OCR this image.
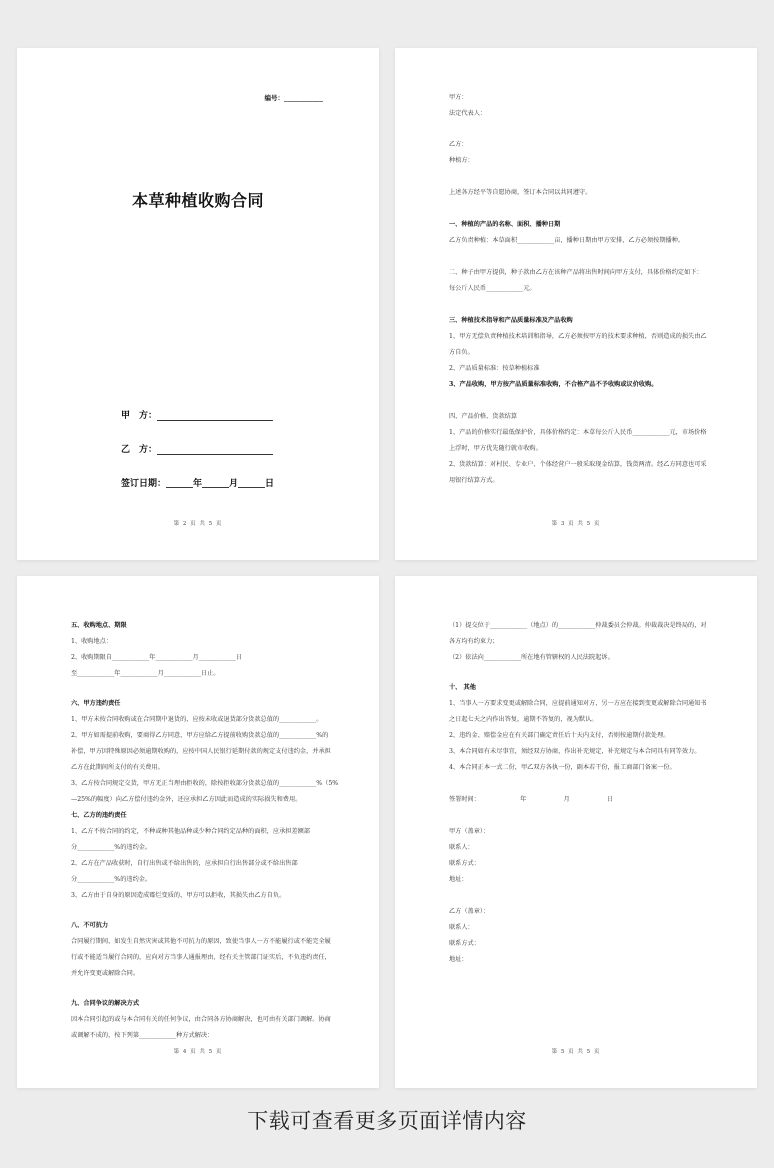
编号：____________
本草种植收购合同
甲　方：
乙　方：
签订日期：______年______月______日
第 2 页 共 5 页
甲方：
法定代表人：
乙方：
种植方：
上述各方经平等自愿协商，签订本合同以共同遵守。
一、种植的产品的名称、面积、播种日期
乙方负责种植：本草面积____________亩，播种日期由甲方安排，乙方必须按期播种。
二、种子由甲方提供，种子款由乙方在该种产品将出售时间向甲方支付，具体价格约定如下：
每公斤人民币____________元。
三、种植技术指导和产品质量标准及产品收购
1、甲方无偿负责种植技术培训和指导，乙方必须按甲方的技术要求种植，否则造成的损失由乙
方自负。
2、产品质量标准：按草种植标准
3、产品收购，甲方按产品质量标准收购，不合格产品不予收购或议价收购。
四、产品价格、货款结算
1、产品的价格实行最低保护价，具体价格约定：本草每公斤人民币____________元，市场价格
上浮时，甲方优先随行就市收购。
2、货款结算：对村民、专业户、个体经营户一般采取现金结算，钱货两清。经乙方同意也可采
用银行结算方式。
第 3 页 共 5 页
五、收购地点、期限
1、收购地点：
2、收购期限自____________年____________月____________日
至____________年____________月____________日止。
六、甲方违约责任
1、甲方未按合同收购或在合同期中退货的，应按未收或退货部分货款总值的____________。
2、甲方如需提前收购，要商得乙方同意，甲方应给乙方提前收购货款总值的____________%的
补偿，甲方因特殊原因必须逾期收购的，应按中国人民银行延期付款的规定支付违约金，并承担
乙方在此期间所支付的有关费用。
3、乙方按合同规定交货，甲方无正当理由拒收的，除按拒收部分货款总值的____________%（5%
—25%的幅度）向乙方偿付违约金外，还应承担乙方因此而造成的实际损失和费用。
七、乙方的违约责任
1、乙方不按合同的约定，不种或种其他品种或少种合同约定品种的面积，应承担差额部
分____________%的违约金。
2、乙方在产品收获时，自行出售或不给出售的，应承担自行出售部分或不给出售部
分____________%的违约金。
3、乙方由于自身的原因造成霉烂变质的，甲方可以拒收，其损失由乙方自负。
八、不可抗力
合同履行期间，如发生自然灾害或其他不可抗力的原因，致使当事人一方不能履行或不能完全履
行或不能适当履行合同的，应向对方当事人通报理由，经有关主管部门证实后，不负违约责任，
并允许变更或解除合同。
九、合同争议的解决方式
因本合同引起的或与本合同有关的任何争议，由合同各方协商解决，也可由有关部门调解。协商
或调解不成的，按下列第____________种方式解决：
第 4 页 共 5 页
（1）提交位于____________（地点）的____________仲裁委员会仲裁。仲裁裁决是终局的，对
各方均有约束力；
（2）依法向____________所在地有管辖权的人民法院起诉。
十、 其他
1、当事人一方要求变更或解除合同，应提前通知对方，另一方应在接到变更或解除合同通知书
之日起七天之内作出答复，逾期不答复的，视为默认。
2、违约金、赔偿金应在有关部门确定责任后十天内支付，否则按逾期付款处理。
3、本合同如有未尽事宜，须经双方协商，作出补充规定，补充规定与本合同具有同等效力。
4、本合同正本一式二份，甲乙双方各执一份，副本若干份，报工商部门备案一份。
签署时间：　　　　　　　年　　　　　　月　　　　　　日
甲方（盖章）：
联系人：
联系方式：
地址：
乙方（盖章）：
联系人：
联系方式：
地址：
第 5 页 共 5 页
下载可查看更多页面详情内容
